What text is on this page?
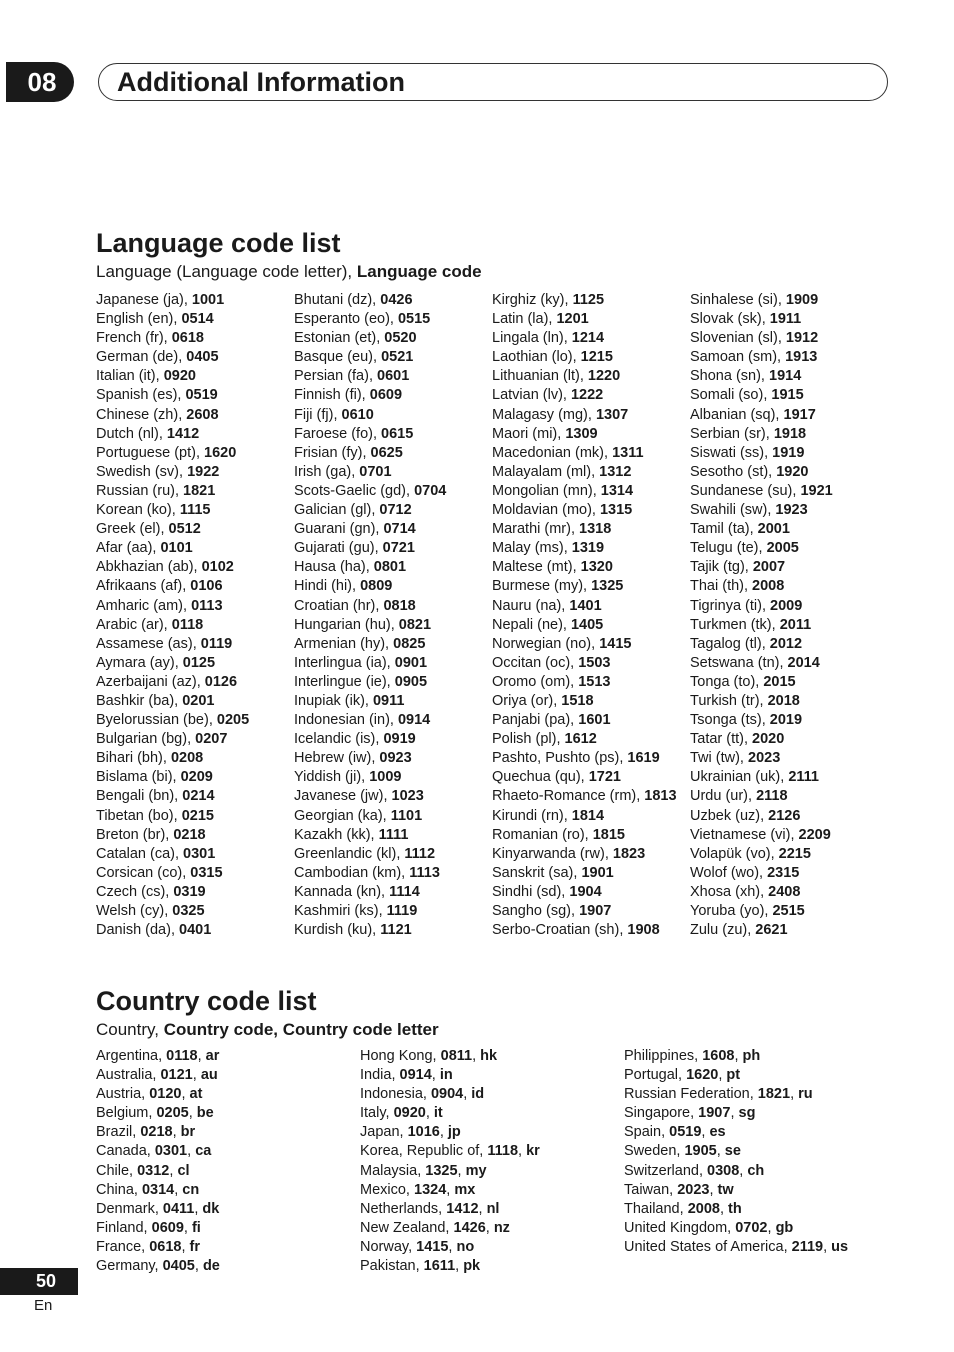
08	Additional Information
Language code list
Language (Language code letter), Language code
Japanese (ja), 1001
English (en), 0514
French (fr), 0618
German (de), 0405
Italian (it), 0920
Spanish (es), 0519
Chinese (zh), 2608
Dutch (nl), 1412
Portuguese (pt), 1620
Swedish (sv), 1922
Russian (ru), 1821
Korean (ko), 1115
Greek (el), 0512
Afar (aa), 0101
Abkhazian (ab), 0102
Afrikaans (af), 0106
Amharic (am), 0113
Arabic (ar), 0118
Assamese (as), 0119
Aymara (ay), 0125
Azerbaijani (az), 0126
Bashkir (ba), 0201
Byelorussian (be), 0205
Bulgarian (bg), 0207
Bihari (bh), 0208
Bislama (bi), 0209
Bengali (bn), 0214
Tibetan (bo), 0215
Breton (br), 0218
Catalan (ca), 0301
Corsican (co), 0315
Czech (cs), 0319
Welsh (cy), 0325
Danish (da), 0401
Bhutani (dz), 0426
Esperanto (eo), 0515
Estonian (et), 0520
Basque (eu), 0521
Persian (fa), 0601
Finnish (fi), 0609
Fiji (fj), 0610
Faroese (fo), 0615
Frisian (fy), 0625
Irish (ga), 0701
Scots-Gaelic (gd), 0704
Galician (gl), 0712
Guarani (gn), 0714
Gujarati (gu), 0721
Hausa (ha), 0801
Hindi (hi), 0809
Croatian (hr), 0818
Hungarian (hu), 0821
Armenian (hy), 0825
Interlingua (ia), 0901
Interlingue (ie), 0905
Inupiak (ik), 0911
Indonesian (in), 0914
Icelandic (is), 0919
Hebrew (iw), 0923
Yiddish (ji), 1009
Javanese (jw), 1023
Georgian (ka), 1101
Kazakh (kk), 1111
Greenlandic (kl), 1112
Cambodian (km), 1113
Kannada (kn), 1114
Kashmiri (ks), 1119
Kurdish (ku), 1121
Kirghiz (ky), 1125
Latin (la), 1201
Lingala (ln), 1214
Laothian (lo), 1215
Lithuanian (lt), 1220
Latvian (lv), 1222
Malagasy (mg), 1307
Maori (mi), 1309
Macedonian (mk), 1311
Malayalam (ml), 1312
Mongolian (mn), 1314
Moldavian (mo), 1315
Marathi (mr), 1318
Malay (ms), 1319
Maltese (mt), 1320
Burmese (my), 1325
Nauru (na), 1401
Nepali (ne), 1405
Norwegian (no), 1415
Occitan (oc), 1503
Oromo (om), 1513
Oriya (or), 1518
Panjabi (pa), 1601
Polish (pl), 1612
Pashto, Pushto (ps), 1619
Quechua (qu), 1721
Rhaeto-Romance (rm), 1813
Kirundi (rn), 1814
Romanian (ro), 1815
Kinyarwanda (rw), 1823
Sanskrit (sa), 1901
Sindhi (sd), 1904
Sangho (sg), 1907
Serbo-Croatian (sh), 1908
Sinhalese (si), 1909
Slovak (sk), 1911
Slovenian (sl), 1912
Samoan (sm), 1913
Shona (sn), 1914
Somali (so), 1915
Albanian (sq), 1917
Serbian (sr), 1918
Siswati (ss), 1919
Sesotho (st), 1920
Sundanese (su), 1921
Swahili (sw), 1923
Tamil (ta), 2001
Telugu (te), 2005
Tajik (tg), 2007
Thai (th), 2008
Tigrinya (ti), 2009
Turkmen (tk), 2011
Tagalog (tl), 2012
Setswana (tn), 2014
Tonga (to), 2015
Turkish (tr), 2018
Tsonga (ts), 2019
Tatar (tt), 2020
Twi (tw), 2023
Ukrainian (uk), 2111
Urdu (ur), 2118
Uzbek (uz), 2126
Vietnamese (vi), 2209
Volapük (vo), 2215
Wolof (wo), 2315
Xhosa (xh), 2408
Yoruba (yo), 2515
Zulu (zu), 2621
Country code list
Country, Country code, Country code letter
Argentina, 0118, ar
Australia, 0121, au
Austria, 0120, at
Belgium, 0205, be
Brazil, 0218, br
Canada, 0301, ca
Chile, 0312, cl
China, 0314, cn
Denmark, 0411, dk
Finland, 0609, fi
France, 0618, fr
Germany, 0405, de
Hong Kong, 0811, hk
India, 0914, in
Indonesia, 0904, id
Italy, 0920, it
Japan, 1016, jp
Korea, Republic of, 1118, kr
Malaysia, 1325, my
Mexico, 1324, mx
Netherlands, 1412, nl
New Zealand, 1426, nz
Norway, 1415, no
Pakistan, 1611, pk
Philippines, 1608, ph
Portugal, 1620, pt
Russian Federation, 1821, ru
Singapore, 1907, sg
Spain, 0519, es
Sweden, 1905, se
Switzerland, 0308, ch
Taiwan, 2023, tw
Thailand, 2008, th
United Kingdom, 0702, gb
United States of America, 2119, us
50
En
